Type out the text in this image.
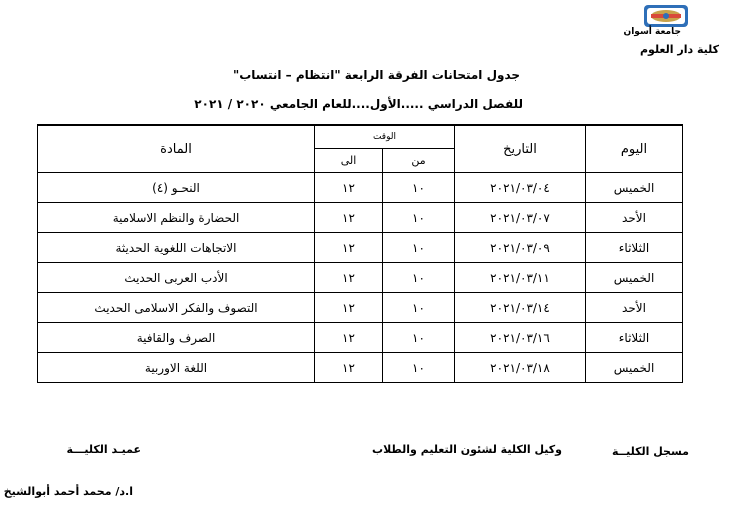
جامعة أسوان
كلية دار العلوم
جدول امتحانات الفرقة الرابعة "انتظام – انتساب"
للفصل الدراسي .....الأول....للعام الجامعي ٢٠٢٠ / ٢٠٢١
اليوم	التاريخ	الوقت		المادة
		من	الى	
الخميس	٢٠٢١/٠٣/٠٤	١٠	١٢	النحـو (٤)
الأحد	٢٠٢١/٠٣/٠٧	١٠	١٢	الحضارة والنظم الاسلامية
الثلاثاء	٢٠٢١/٠٣/٠٩	١٠	١٢	الاتجاهات اللغوية الحديثة
الخميس	٢٠٢١/٠٣/١١	١٠	١٢	الأدب العربى الحديث
الأحد	٢٠٢١/٠٣/١٤	١٠	١٢	التصوف والفكر الاسلامى الحديث
الثلاثاء	٢٠٢١/٠٣/١٦	١٠	١٢	الصرف والقافية
الخميس	٢٠٢١/٠٣/١٨	١٠	١٢	اللغة الاوربية
مسجل الكليــة
وكيل الكلية لشئون التعليم والطلاب
عميـد الكليـــة
ا.د/ محمد أحمد أبوالشيخ
